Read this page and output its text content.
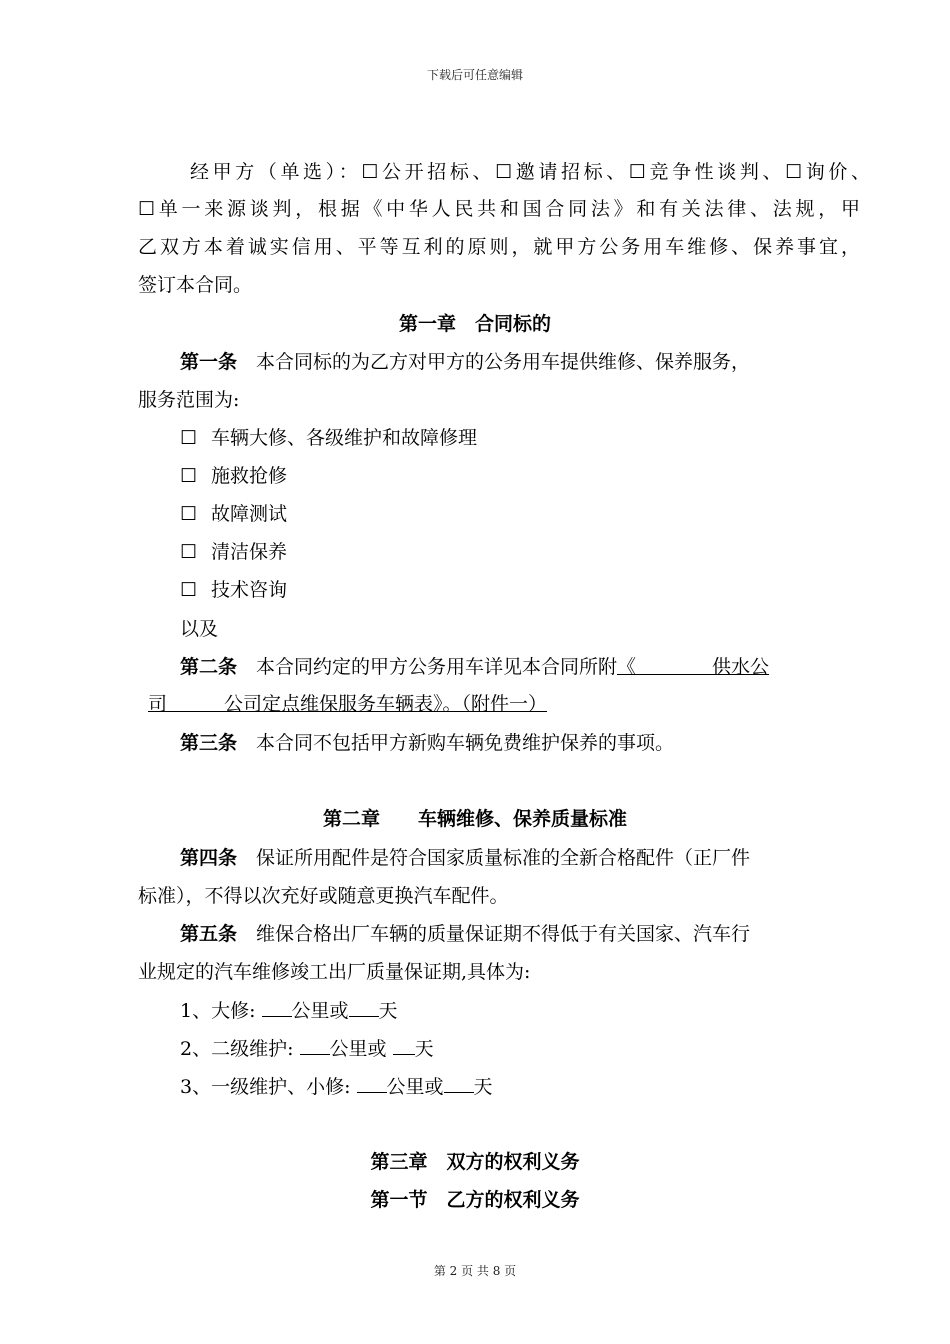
下载后可任意编辑
经甲方（单选）：☐公开招标、☐邀请招标、☐竞争性谈判、☐询价、
☐单一来源谈判，根据《中华人民共和国合同法》和有关法律、法规，甲
乙双方本着诚实信用、平等互利的原则，就甲方公务用车维修、保养事宜，
签订本合同。
第一章　合同标的
第一条  本合同标的为乙方对甲方的公务用车提供维修、保养服务，
服务范围为:
☐ 车辆大修、各级维护和故障修理
☐ 施救抢修
☐ 故障测试
☐ 清洁保养
☐ 技术咨询
以及
第二条  本合同约定的甲方公务用车详见本合同所附《　　　　供水公
司　　　公司定点维保服务车辆表》。（附件一）
第三条  本合同不包括甲方新购车辆免费维护保养的事项。
第二章　　车辆维修、保养质量标准
第四条  保证所用配件是符合国家质量标准的全新合格配件（正厂件
标准），不得以次充好或随意更换汽车配件。
第五条  维保合格出厂车辆的质量保证期不得低于有关国家、汽车行
业规定的汽车维修竣工出厂质量保证期,具体为:
1、大修: 公里或 天
2、二级维护: 公里或 天
3、一级维护、小修: 公里或 天
第三章　双方的权利义务
第一节　乙方的权利义务
第 2 页 共 8 页
